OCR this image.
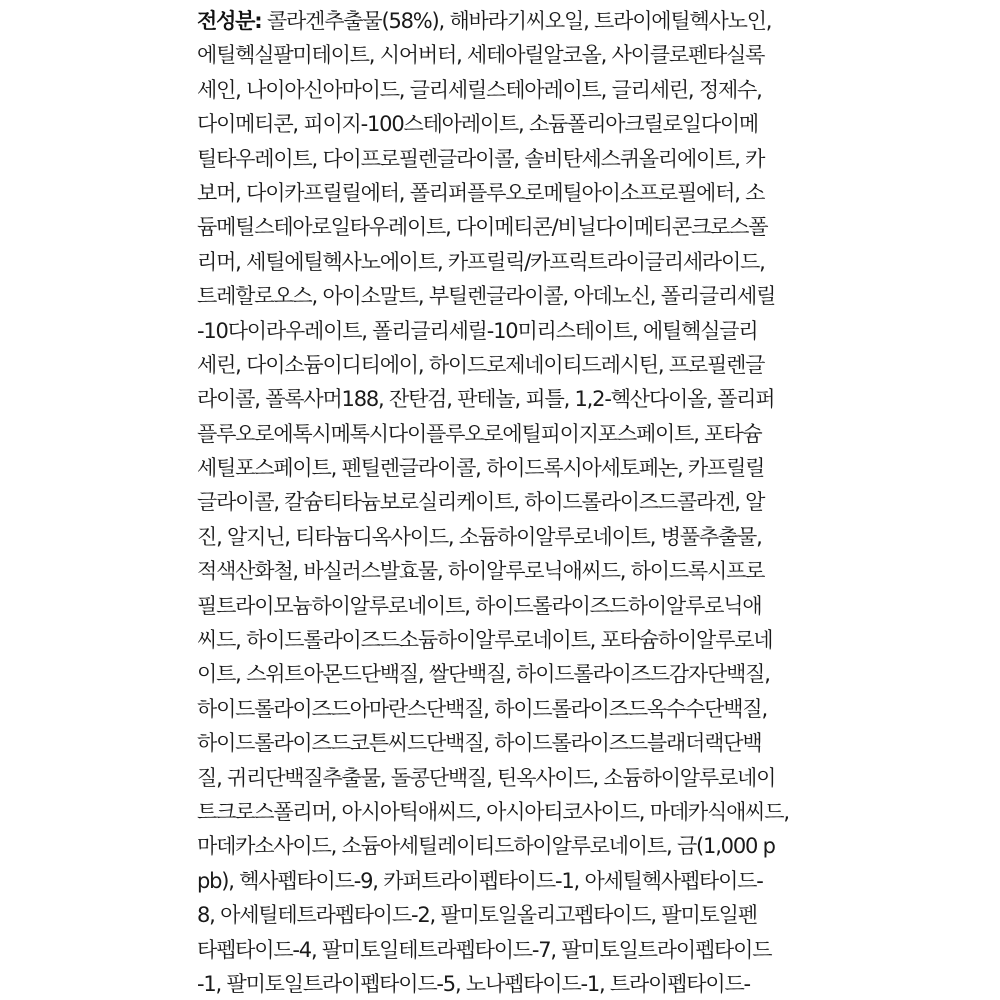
전성분: 콜라겐추출물(58%), 해바라기씨오일, 트라이에틸헥사노인,
에틸헥실팔미테이트, 시어버터, 세테아릴알코올, 사이클로펜타실록
세인, 나이아신아마이드, 글리세릴스테아레이트, 글리세린, 정제수,
다이메티콘, 피이지-100스테아레이트, 소듐폴리아크릴로일다이메
틸타우레이트, 다이프로필렌글라이콜, 솔비탄세스퀴올리에이트, 카
보머, 다이카프릴릴에터, 폴리퍼플루오로메틸아이소프로필에터, 소
듐메틸스테아로일타우레이트, 다이메티콘/비닐다이메티콘크로스폴
리머, 세틸에틸헥사노에이트, 카프릴릭/카프릭트라이글리세라이드,
트레할로오스, 아이소말트, 부틸렌글라이콜, 아데노신, 폴리글리세릴
-10다이라우레이트, 폴리글리세릴-10미리스테이트, 에틸헥실글리
세린, 다이소듐이디티에이, 하이드로제네이티드레시틴, 프로필렌글
라이콜, 폴록사머188, 잔탄검, 판테놀, 피틀, 1,2-헥산다이올, 폴리퍼
플루오로에톡시메톡시다이플루오로에틸피이지포스페이트, 포타슘
세틸포스페이트, 펜틸렌글라이콜, 하이드록시아세토페논, 카프릴릴
글라이콜, 칼슘티타늄보로실리케이트, 하이드롤라이즈드콜라겐, 알
진, 알지닌, 티타늄디옥사이드, 소듐하이알루로네이트, 병풀추출물,
적색산화철, 바실러스발효물, 하이알루로닉애씨드, 하이드록시프로
필트라이모늄하이알루로네이트, 하이드롤라이즈드하이알루로닉애
씨드, 하이드롤라이즈드소듐하이알루로네이트, 포타슘하이알루로네
이트, 스위트아몬드단백질, 쌀단백질, 하이드롤라이즈드감자단백질,
하이드롤라이즈드아마란스단백질, 하이드롤라이즈드옥수수단백질,
하이드롤라이즈드코튼씨드단백질, 하이드롤라이즈드블래더랙단백
질, 귀리단백질추출물, 돌콩단백질, 틴옥사이드, 소듐하이알루로네이
트크로스폴리머, 아시아틱애씨드, 아시아티코사이드, 마데카식애씨드,
마데카소사이드, 소듐아세틸레이티드하이알루로네이트, 금(1,000 p
pb), 헥사펩타이드-9, 카퍼트라이펩타이드-1, 아세틸헥사펩타이드-
8, 아세틸테트라펩타이드-2, 팔미토일올리고펩타이드, 팔미토일펜
타펩타이드-4, 팔미토일테트라펩타이드-7, 팔미토일트라이펩타이드
-1, 팔미토일트라이펩타이드-5, 노나펩타이드-1, 트라이펩타이드-
